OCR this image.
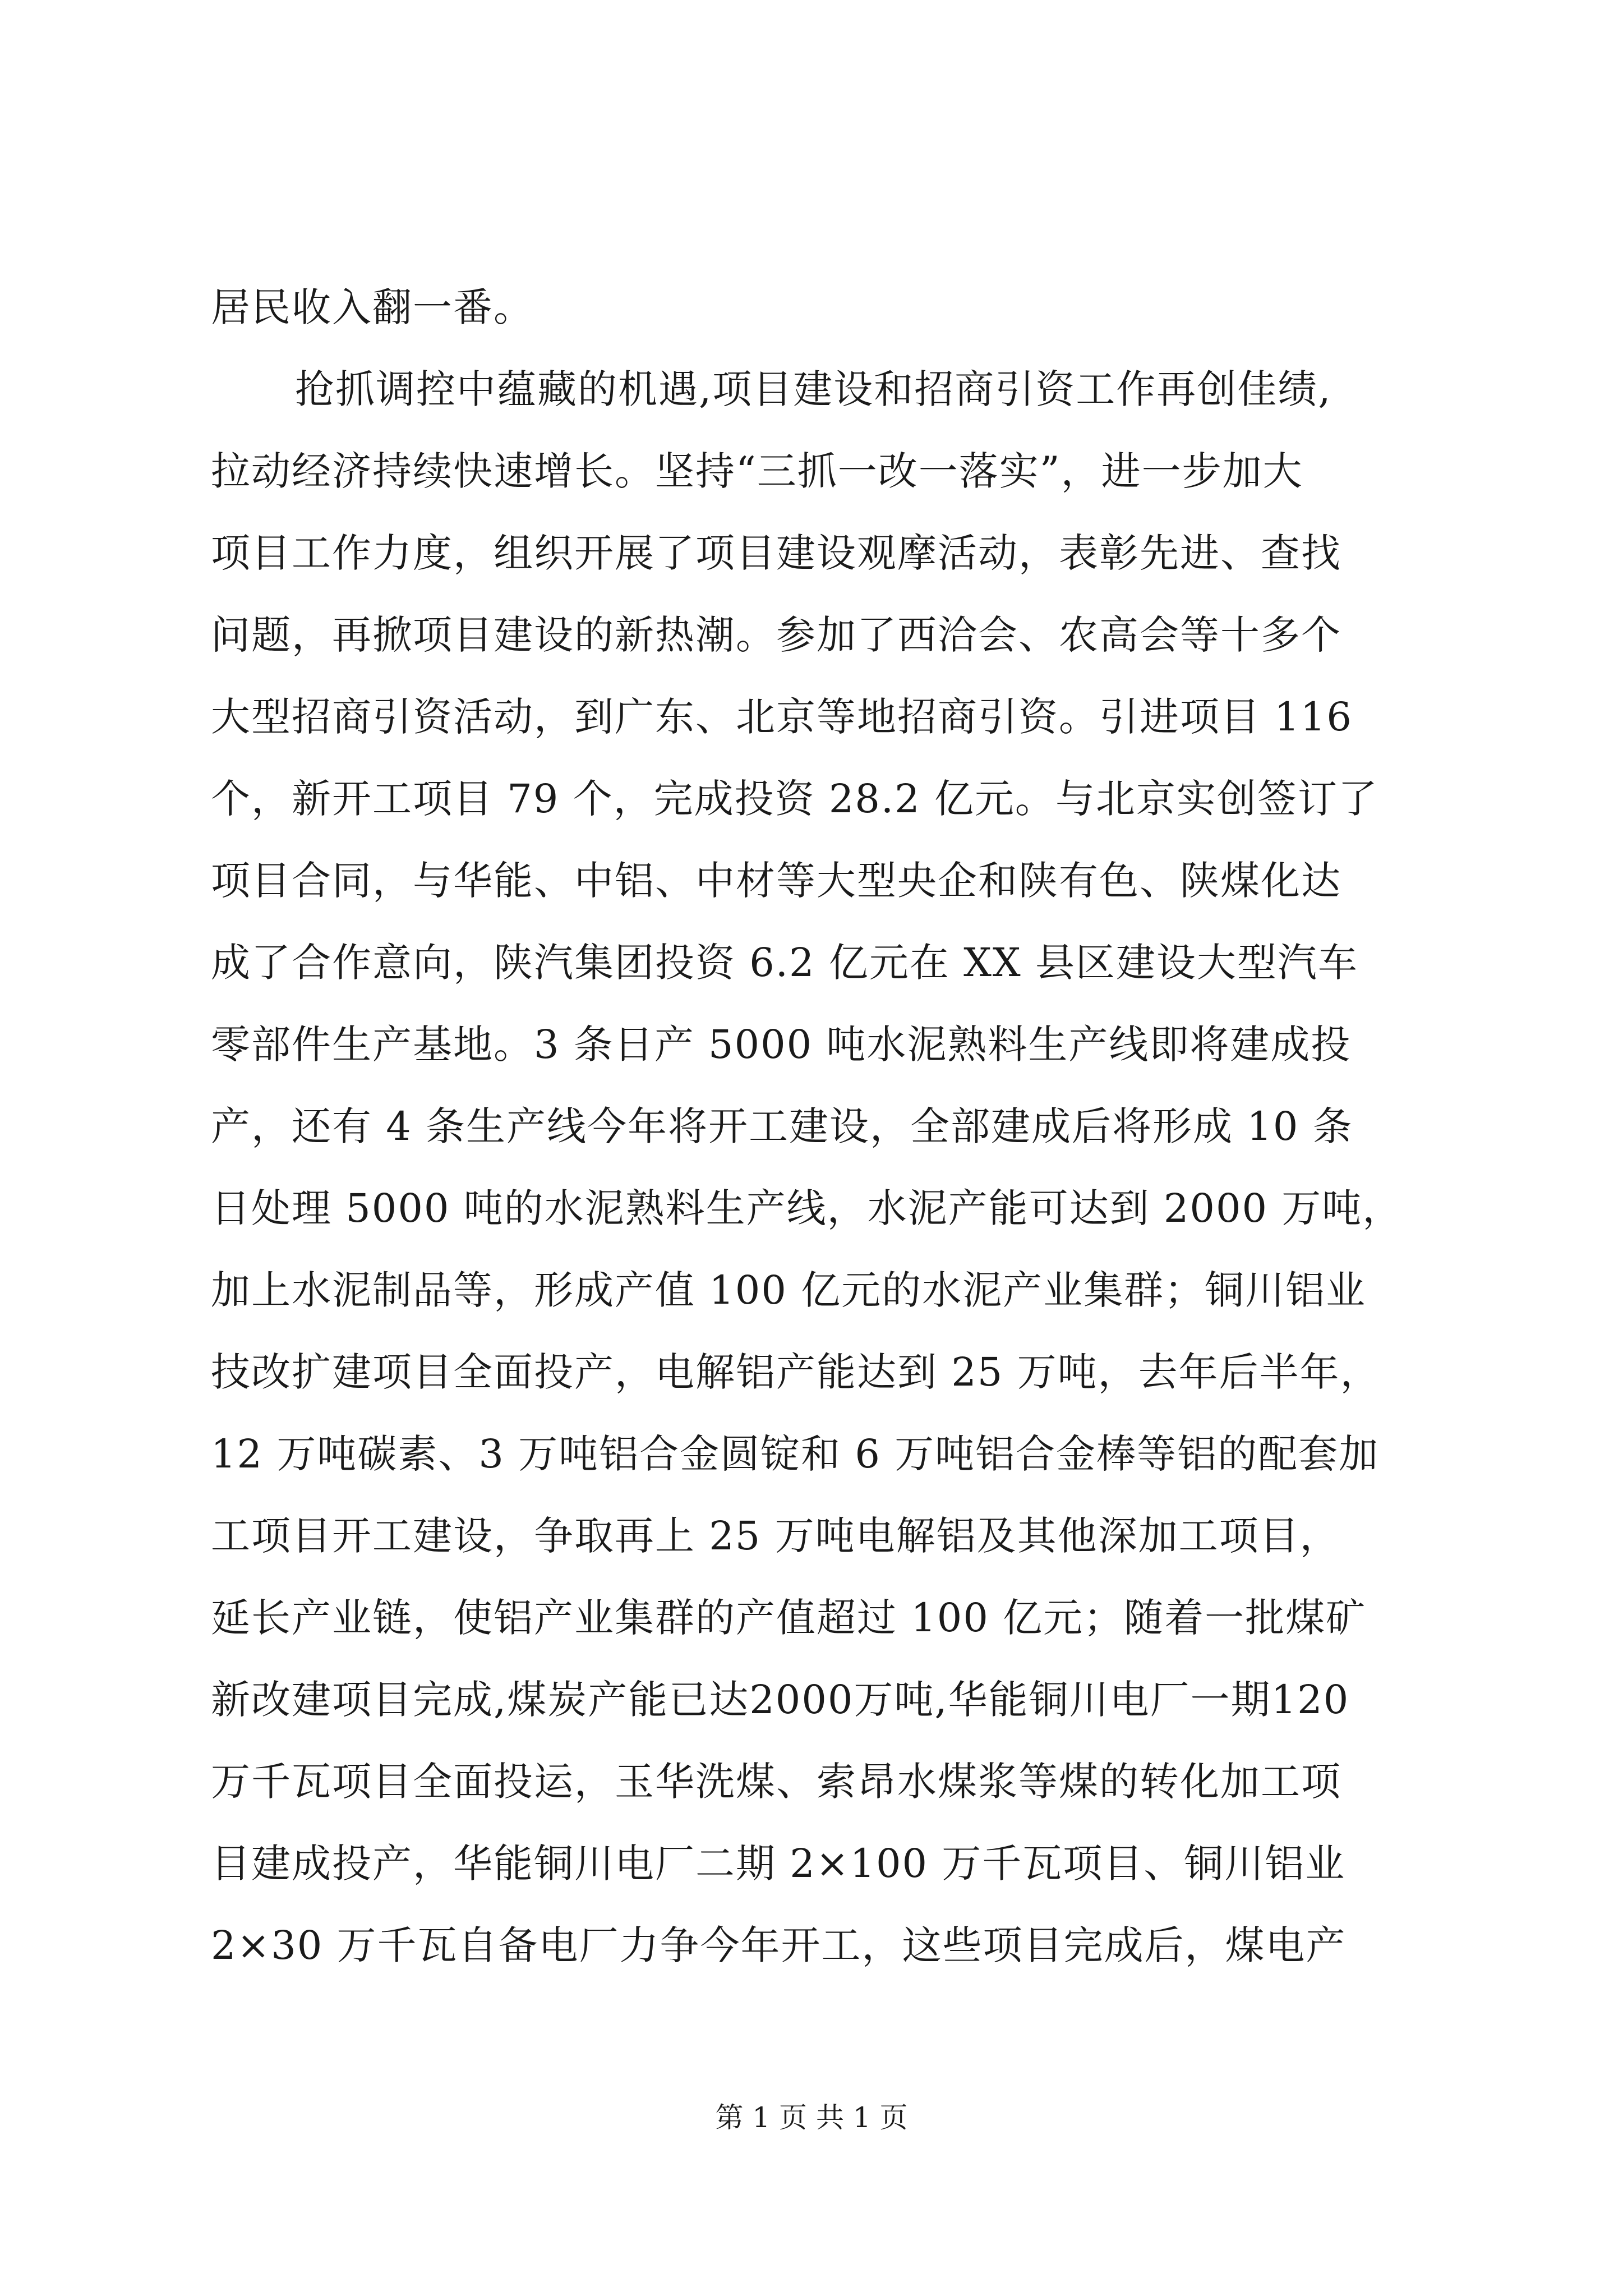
居民收入翻一番。
抢抓调控中蕴藏的机遇,项目建设和招商引资工作再创佳绩,
拉动经济持续快速增长。坚持“三抓一改一落实”，进一步加大
项目工作力度，组织开展了项目建设观摩活动，表彰先进、查找
问题，再掀项目建设的新热潮。参加了西洽会、农高会等十多个
大型招商引资活动，到广东、北京等地招商引资。引进项目 116
个，新开工项目 79 个，完成投资 28.2 亿元。与北京实创签订了
项目合同，与华能、中铝、中材等大型央企和陕有色、陕煤化达
成了合作意向，陕汽集团投资 6.2 亿元在 XX 县区建设大型汽车
零部件生产基地。3 条日产 5000 吨水泥熟料生产线即将建成投
产，还有 4 条生产线今年将开工建设，全部建成后将形成 10 条
日处理 5000 吨的水泥熟料生产线，水泥产能可达到 2000 万吨，
加上水泥制品等，形成产值 100 亿元的水泥产业集群；铜川铝业
技改扩建项目全面投产，电解铝产能达到 25 万吨，去年后半年，
12 万吨碳素、3 万吨铝合金圆锭和 6 万吨铝合金棒等铝的配套加
工项目开工建设，争取再上 25 万吨电解铝及其他深加工项目，
延长产业链，使铝产业集群的产值超过 100 亿元；随着一批煤矿
新改建项目完成,煤炭产能已达2000万吨,华能铜川电厂一期120
万千瓦项目全面投运，玉华洗煤、索昂水煤浆等煤的转化加工项
目建成投产，华能铜川电厂二期 2×100 万千瓦项目、铜川铝业
2×30 万千瓦自备电厂力争今年开工，这些项目完成后，煤电产
第 1 页 共 1 页
